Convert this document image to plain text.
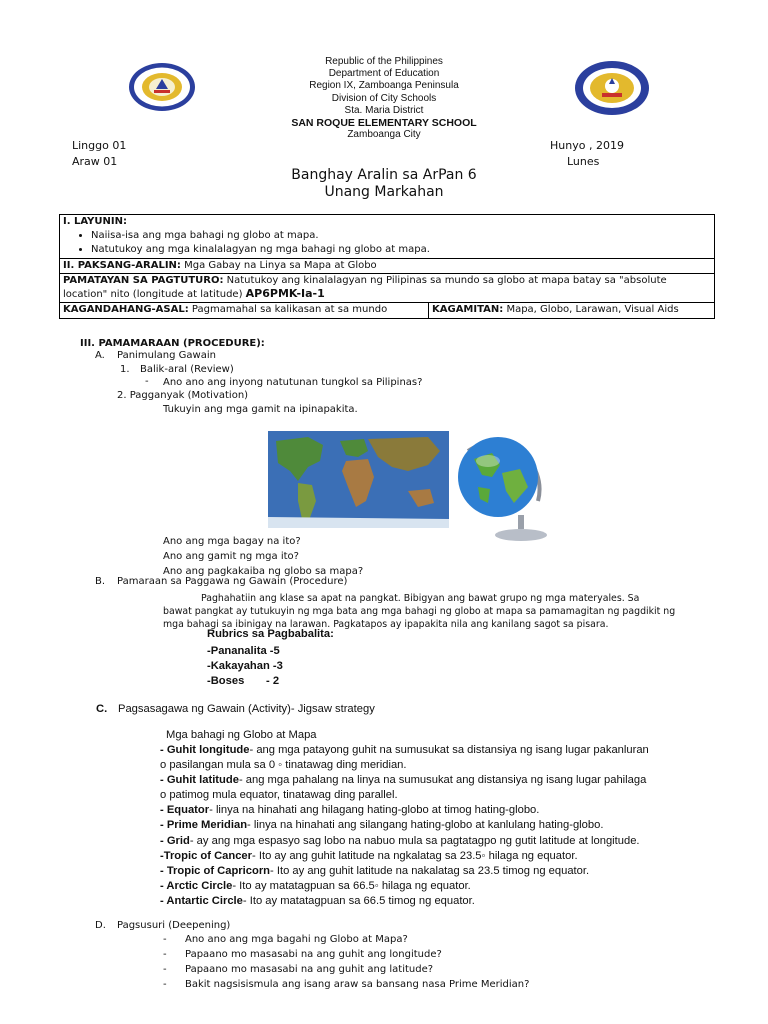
Republic of the Philippines
Department of Education
Region IX, Zamboanga Peninsula
Division of City Schools
Sta. Maria District
SAN ROQUE ELEMENTARY SCHOOL
Zamboanga City
Linggo 01
Araw 01
Hunyo , 2019
Lunes
Banghay Aralin sa ArPan 6
Unang Markahan
I. LAYUNIN:
• Naiisa-isa ang mga bahagi ng globo at mapa.
• Natutukoy ang mga kinalalagyan ng mga bahagi ng globo at mapa.

II. PAKSANG-ARALIN: Mga Gabay na Linya sa Mapa at Globo
PAMATAYAN SA PAGTUTURO: Natutukoy ang kinalalagyan ng Pilipinas sa mundo sa globo at mapa batay sa "absolute location" nito (longitude at latitude) AP6PMK-Ia-1
KAGANDAHANG-ASAL: Pagmamahal sa kalikasan at sa mundo	KAGAMITAN: Mapa, Globo, Larawan, Visual Aids
III. PAMAMARAAN (PROCEDURE):
A. Panimulang Gawain
1. Balik-aral (Review)
- Ano ano ang inyong natutunan tungkol sa Pilipinas?
2. Pagganyak (Motivation)
Tukuyin ang mga gamit na ipinapakita.
Ano ang mga bagay na ito?
Ano ang gamit ng mga ito?
Ano ang pagkakaiba ng globo sa mapa?
B. Pamaraan sa Paggawa ng Gawain (Procedure)
Paghahatiin ang klase sa apat na pangkat. Bibigyan ang bawat grupo ng mga materyales. Sa
bawat pangkat ay tutukuyin ng mga bata ang mga bahagi ng globo at mapa sa pamamagitan ng pagdikit ng
mga bahagi sa ibinigay na larawan. Pagkatapos ay ipapakita nila ang kanilang sagot sa pisara.
Rubrics sa Pagbabalita:
-Pananalita -5
-Kakayahan -3
-Boses       - 2
C. Pagsasagawa ng Gawain (Activity)- Jigsaw strategy
Mga bahagi ng Globo at Mapa
- Guhit longitude- ang mga patayong guhit na sumusukat sa distansiya ng isang lugar pakanluran
o pasilangan mula sa 0 ◦ tinatawag ding meridian.
- Guhit latitude- ang mga pahalang na linya na sumusukat ang distansiya ng isang lugar pahilaga
o patimog mula equator, tinatawag ding parallel.
- Equator- linya na hinahati ang hilagang hating-globo at timog hating-globo.
- Prime Meridian- linya na hinahati ang silangang hating-globo at kanlulang hating-globo.
- Grid- ay ang mga espasyo sag lobo na nabuo mula sa pagtatagpo ng gutit latitude at longitude.
-Tropic of Cancer- Ito ay ang guhit latitude na ngkalatag sa 23.5◦ hilaga ng equator.
- Tropic of Capricorn- Ito ay ang guhit latitude na nakalatag sa 23.5 timog ng equator.
- Arctic Circle- Ito ay matatagpuan sa 66.5◦ hilaga ng equator.
- Antartic Circle- Ito ay matatagpuan sa 66.5 timog ng equator.
D. Pagsusuri (Deepening)
- Ano ano ang mga bagahi ng Globo at Mapa?
- Papaano mo masasabi na ang guhit ang longitude?
- Papaano mo masasabi na ang guhit ang latitude?
- Bakit nagsisismula ang isang araw sa bansang nasa Prime Meridian?
